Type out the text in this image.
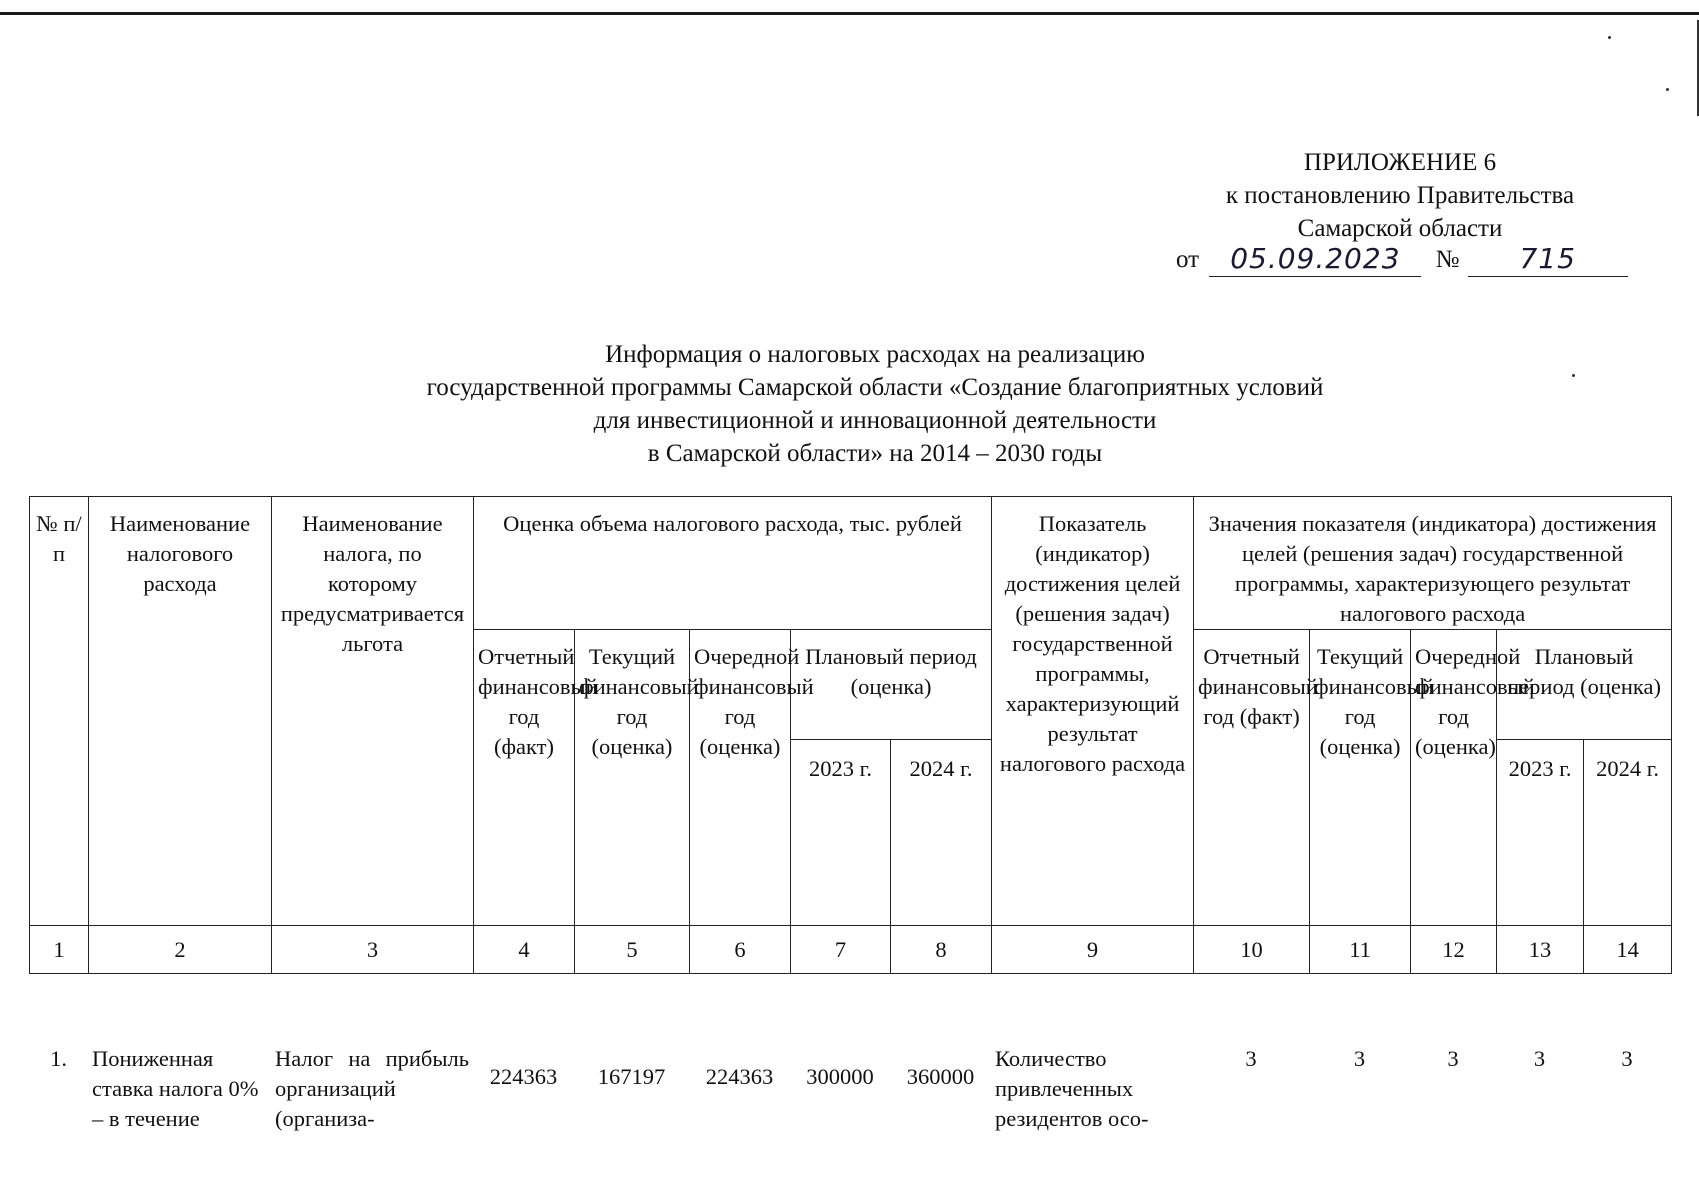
ПРИЛОЖЕНИЕ 6
к постановлению Правительства
Самарской области
от 05.09.2023 № 715
Информация о налоговых расходах на реализацию
государственной программы Самарской области «Создание благоприятных условий
для инвестиционной и инновационной деятельности
в Самарской области» на 2014 – 2030 годы
№ п/п	Наименование налогового расхода	Наименование налога, по которому предусматривается льгота	Оценка объема налогового расхода, тыс. рублей					Показатель (индикатор) достижения целей (решения задач) государственной программы, характеризующий результат налогового расхода	Значения показателя (индикатора) достижения целей (решения задач) государственной программы, характеризующего результат налогового расхода				
			Отчетный финансовый год (факт)	Текущий финансовый год (оценка)	Очередной финансовый год (оценка)	Плановый период (оценка)			Отчетный финансовый год (факт)	Текущий финансовый год (оценка)	Очередной финансовый год (оценка)	Плановый период (оценка)	
						2023 г.	2024 г.					2023 г.	2024 г.
1	2	3	4	5	6	7	8	9	10	11	12	13	14
1.	Пониженная ставка налога 0% – в течение	Налог на прибыль организаций (организа-	224363	167197	224363	300000	360000	Количество привлеченных резидентов осо-	3	3	3	3	3
